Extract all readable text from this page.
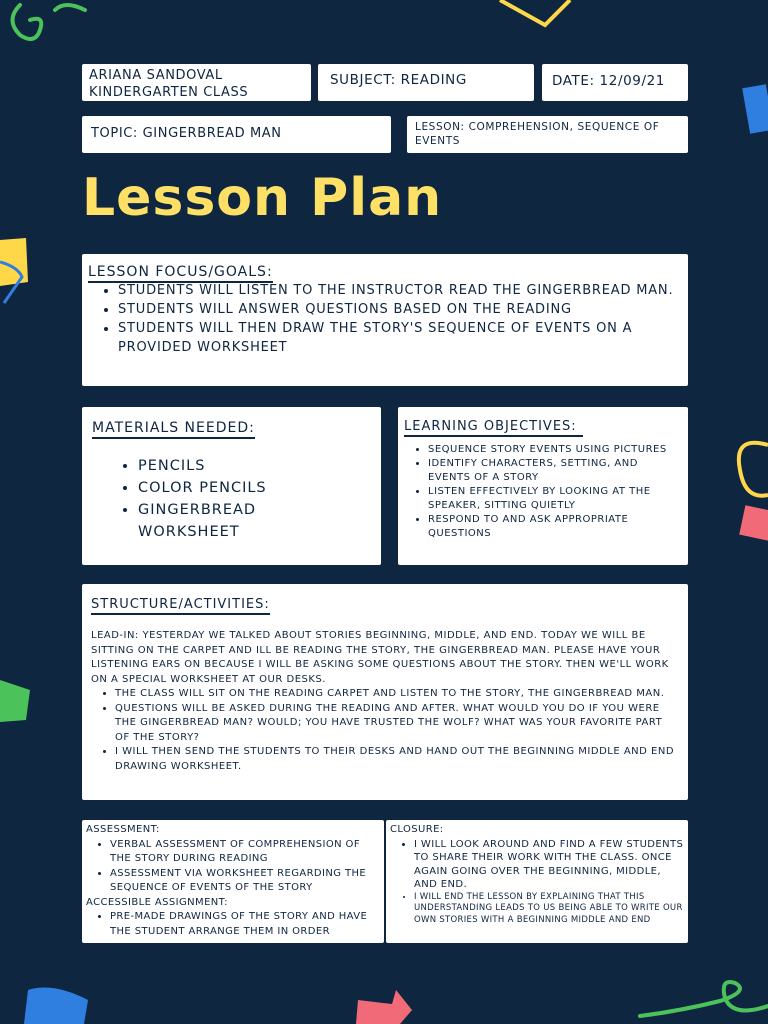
ARIANA SANDOVAL
KINDERGARTEN CLASS
SUBJECT: READING	DATE: 12/09/21
TOPIC: GINGERBREAD MAN	LESSON: COMPREHENSION, SEQUENCE OF EVENTS
Lesson Plan
LESSON FOCUS/GOALS:
• STUDENTS WILL LISTEN TO THE INSTRUCTOR READ THE GINGERBREAD MAN.
• STUDENTS WILL ANSWER QUESTIONS BASED ON THE READING
• STUDENTS WILL THEN DRAW THE STORY'S SEQUENCE OF EVENTS ON A PROVIDED WORKSHEET
MATERIALS NEEDED:
• PENCILS
• COLOR PENCILS
• GINGERBREAD WORKSHEET
LEARNING OBJECTIVES:
• SEQUENCE STORY EVENTS USING PICTURES
• IDENTIFY CHARACTERS, SETTING, AND EVENTS OF A STORY
• LISTEN EFFECTIVELY BY LOOKING AT THE SPEAKER, SITTING QUIETLY
• RESPOND TO AND ASK APPROPRIATE QUESTIONS
STRUCTURE/ACTIVITIES:

LEAD-IN: YESTERDAY WE TALKED ABOUT STORIES BEGINNING, MIDDLE, AND END. TODAY WE WILL BE SITTING ON THE CARPET AND ILL BE READING THE STORY, THE GINGERBREAD MAN. PLEASE HAVE YOUR LISTENING EARS ON BECAUSE I WILL BE ASKING SOME QUESTIONS ABOUT THE STORY. THEN WE'LL WORK ON A SPECIAL WORKSHEET AT OUR DESKS.

• THE CLASS WILL SIT ON THE READING CARPET AND LISTEN TO THE STORY, THE GINGERBREAD MAN.
• QUESTIONS WILL BE ASKED DURING THE READING AND AFTER. WHAT WOULD YOU DO IF YOU WERE THE GINGERBREAD MAN? WOULD; YOU HAVE TRUSTED THE WOLF? WHAT WAS YOUR FAVORITE PART OF THE STORY?
• I WILL THEN SEND THE STUDENTS TO THEIR DESKS AND HAND OUT THE BEGINNING MIDDLE AND END DRAWING WORKSHEET.
ASSESSMENT:
• VERBAL ASSESSMENT OF COMPREHENSION OF THE STORY DURING READING
• ASSESSMENT VIA WORKSHEET REGARDING THE SEQUENCE OF EVENTS OF THE STORY
ACCESSIBLE ASSIGNMENT:
• PRE-MADE DRAWINGS OF THE STORY AND HAVE THE STUDENT ARRANGE THEM IN ORDER
CLOSURE:
• I WILL LOOK AROUND AND FIND A FEW STUDENTS TO SHARE THEIR WORK WITH THE CLASS. ONCE AGAIN GOING OVER THE BEGINNING, MIDDLE, AND END.
• I WILL END THE LESSON BY EXPLAINING THAT THIS UNDERSTANDING LEADS TO US BEING ABLE TO WRITE OUR OWN STORIES WITH A BEGINNING MIDDLE AND END
